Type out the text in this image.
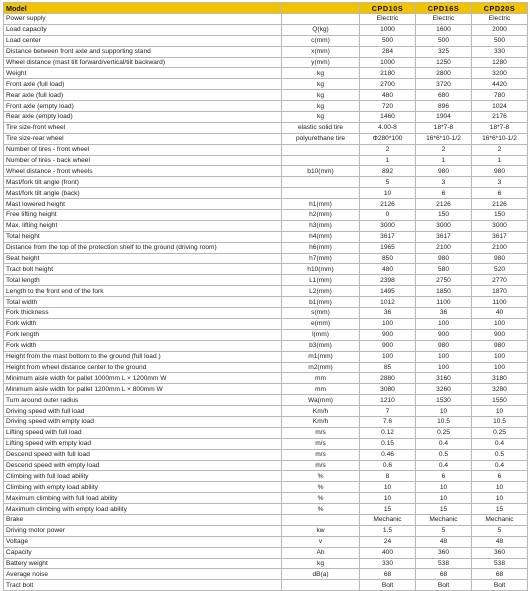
Model		CPD10S	CPD16S	CPD20S
Power supply		Electric	Electric	Electric
Load capacity	Q(kg)	1000	1600	2000
Load center	c(mm)	500	500	500
Distance between front axle and supporting stand	x(mm)	284	325	330
Wheel distance (mast tilt forward/vertical/tilt backward)	y(mm)	1000	1250	1280
Weight	kg	2180	2800	3200
Front axle (full load)	kg	2700	3720	4420
Rear axle (full load)	kg	480	680	780
Front axle (empty load)	kg	720	896	1024
Rear axle (empty load)	kg	1460	1904	2176
Tire size-front wheel	elastic solid tire	4.00-8	18*7-8	18*7-8
Tire size-rear wheel	polyurethane tire	Φ280*100	16*6*10-1/2	16*6*10-1/2
Number of tires - front wheel		2	2	2
Number of tires - back wheel		1	1	1
Wheel distance - front wheels	b10(mm)	892	980	980
Mast/fork tilt angle (front)		5	3	3
Mast/fork tilt angle (back)		10	6	6
Mast lowered height	h1(mm)	2126	2126	2126
Free lifting height	h2(mm)	0	150	150
Max. lifting height	h3(mm)	3000	3000	3000
Total height	h4(mm)	3617	3617	3617
Distance from the top of the protection shelf to the ground (driving room)	h6(mm)	1965	2100	2100
Seat height	h7(mm)	850	980	980
Tract bolt height	h10(mm)	480	580	520
Total length	L1(mm)	2398	2750	2770
Length to the front end of the fork	L2(mm)	1495	1850	1870
Total width	b1(mm)	1012	1100	1100
Fork thickness	s(mm)	36	36	40
Fork width	e(mm)	100	100	100
Fork length	l(mm)	900	900	900
Fork width	b3(mm)	900	980	980
Height from the mast bottom to the ground (full load )	m1(mm)	100	100	100
Height from wheel distance center to the ground	m2(mm)	85	100	100
Minimum aisle width for pallet 1000mm L × 1200mm W	mm	2880	3160	3180
Minimum aisle width for pallet 1200mm L × 800mm W	mm	3080	3260	3280
Turn around outer radius	Wa(mm)	1210	1530	1550
Driving speed with full load	Km/h	7	10	10
Driving speed with empty load	Km/h	7.6	10.5	10.5
Lifting speed with full load	m/s	0.12	0.25	0.25
Lifting speed with empty load	m/s	0.15	0.4	0.4
Descend speed with full load	m/s	0.46	0.5	0.5
Descend speed with empty load	m/s	0.6	0.4	0.4
Climbing with full load ability	%	8	6	6
Climbing with empty load ability	%	10	10	10
Maximum climbing with full load ability	%	10	10	10
Maximum climbing with empty load ability	%	15	15	15
Brake		Mechanic	Mechanic	Mechanic
Driving motor power	kw	1.5	5	5
Voltage	v	24	48	48
Capacity	Ah	400	360	360
Battery weight	kg	330	538	538
Average noise	dB(a)	68	68	68
Tract bolt		Bolt	Bolt	Bolt
